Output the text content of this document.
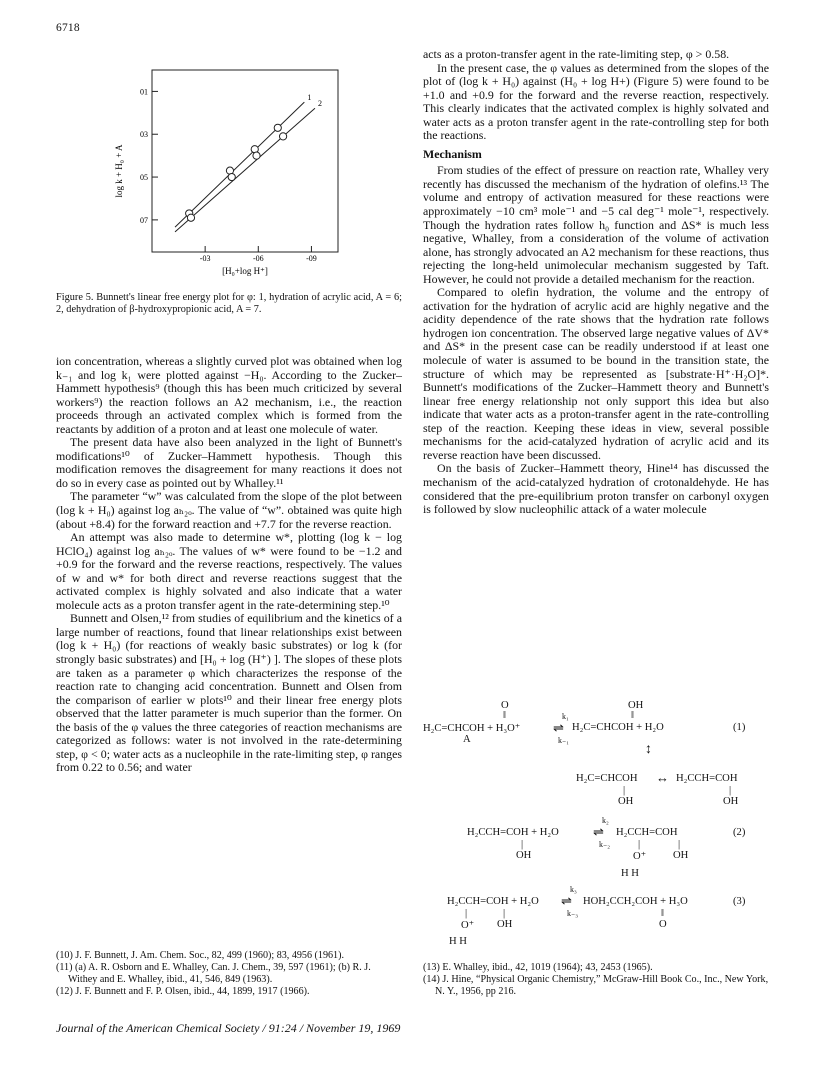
6718
01
03
05
07
-03	-06	-09
[H₀+log H⁺]
log k + H₀ + A
1
2
Figure 5. Bunnett's linear free energy plot for φ: 1, hydration of acrylic acid, A = 6; 2, dehydration of β-hydroxypropionic acid, A = 7.

ion concentration, whereas a slightly curved plot was obtained when log k₋₁ and log k₁ were plotted against −H₀. According to the Zucker–Hammett hypothesis⁹ (though this has been much criticized by several workers⁹) the reaction follows an A2 mechanism, i.e., the reaction proceeds through an activated complex which is formed from the reactants by addition of a proton and at least one molecule of water.

The present data have also been analyzed in the light of Bunnett's modifications¹⁰ of Zucker–Hammett hypothesis. Though this modification removes the disagreement for many reactions it does not do so in every case as pointed out by Whalley.¹¹

The parameter “w” was calculated from the slope of the plot between (log k + H₀) against log aₕ₂ₒ. The value of “w”. obtained was quite high (about +8.4) for the forward reaction and +7.7 for the reverse reaction.

An attempt was also made to determine w*, plotting (log k − log HClO₄) against log aₕ₂ₒ. The values of w* were found to be −1.2 and +0.9 for the forward and the reverse reactions, respectively. The values of w and w* for both direct and reverse reactions suggest that the activated complex is highly solvated and also indicate that a water molecule acts as a proton transfer agent in the rate-determining step.¹⁰

Bunnett and Olsen,¹² from studies of equilibrium and the kinetics of a large number of reactions, found that linear relationships exist between (log k + H₀) (for reactions of weakly basic substrates) or log k (for strongly basic substrates) and [H₀ + log (H⁺) ]. The slopes of these plots are taken as a parameter φ which characterizes the response of the reaction rate to changing acid concentration. Bunnett and Olsen from the comparison of earlier w plots¹⁰ and their linear free energy plots observed that the latter parameter is much superior than the former. On the basis of the φ values the three categories of reaction mechanisms are categorized as follows: water is not involved in the rate-determining step, φ < 0; water acts as a nucleophile in the rate-limiting step, φ ranges from 0.22 to 0.56; and water

acts as a proton-transfer agent in the rate-limiting step, φ > 0.58.

In the present case, the φ values as determined from the slopes of the plot of (log k + H₀) against (H₀ + log H+) (Figure 5) were found to be +1.0 and +0.9 for the forward and the reverse reaction, respectively. This clearly indicates that the activated complex is highly solvated and water acts as a proton transfer agent in the rate-controlling step for both the reactions.

Mechanism

From studies of the effect of pressure on reaction rate, Whalley very recently has discussed the mechanism of the hydration of olefins.¹³ The volume and entropy of activation measured for these reactions were approximately −10 cm³ mole⁻¹ and −5 cal deg⁻¹ mole⁻¹, respectively. Though the hydration rates follow h₀ function and ΔS* is much less negative, Whalley, from a consideration of the volume of activation alone, has strongly advocated an A2 mechanism for these reactions, thus rejecting the long-held unimolecular mechanism suggested by Taft. However, he could not provide a detailed mechanism for the reaction.

Compared to olefin hydration, the volume and the entropy of activation for the hydration of acrylic acid are highly negative and the acidity dependence of the rate shows that the hydration rate follows hydrogen ion concentration. The observed large negative values of ΔV* and ΔS* in the present case can be readily understood if at least one molecule of water is assumed to be bound in the transition state, the structure of which may be represented as [substrate·H⁺·H₂O]*. Bunnett's modifications of the Zucker–Hammett theory and Bunnett's linear free energy relationship not only support this idea but also indicate that water acts as a proton-transfer agent in the rate-controlling step of the reaction. Keeping these ideas in view, several possible mechanisms for the acid-catalyzed hydration of acrylic acid and its reverse reaction have been discussed.

On the basis of Zucker–Hammett theory, Hine¹⁴ has discussed the mechanism of the acid-catalyzed hydration of crotonaldehyde. He has considered that the pre-equilibrium proton transfer on carbonyl oxygen is followed by slow nucleophilic attack of a water molecule

O
‖
H₂C=CHCOH + H₃O⁺
A
k₁
⇌
k₋₁
OH
‖
H₂C=CHCOH + H₂O	(1)
↕
H₂C=CHCOH
|
OH
↔ H₂CCH=COH
|
OH
H₂CCH=COH + H₂O
|
OH
k₂
⇌
k₋₂
H₂CCH=COH
|	|
O⁺	OH
H H
(2)
H₂CCH=COH + H₂O
|	|
O⁺ OH
H H
k₃
⇌
k₋₃
HOH₂CCH₂COH + H₃O
‖
O
(3)
(10) J. F. Bunnett, J. Am. Chem. Soc., 82, 499 (1960); 83, 4956 (1961).
(11) (a) A. R. Osborn and E. Whalley, Can. J. Chem., 39, 597 (1961); (b) R. J. Withey and E. Whalley, ibid., 41, 546, 849 (1963).
(12) J. F. Bunnett and F. P. Olsen, ibid., 44, 1899, 1917 (1966).
(13) E. Whalley, ibid., 42, 1019 (1964); 43, 2453 (1965).
(14) J. Hine, “Physical Organic Chemistry,” McGraw-Hill Book Co., Inc., New York, N. Y., 1956, pp 216.
Journal of the American Chemical Society / 91:24 / November 19, 1969
